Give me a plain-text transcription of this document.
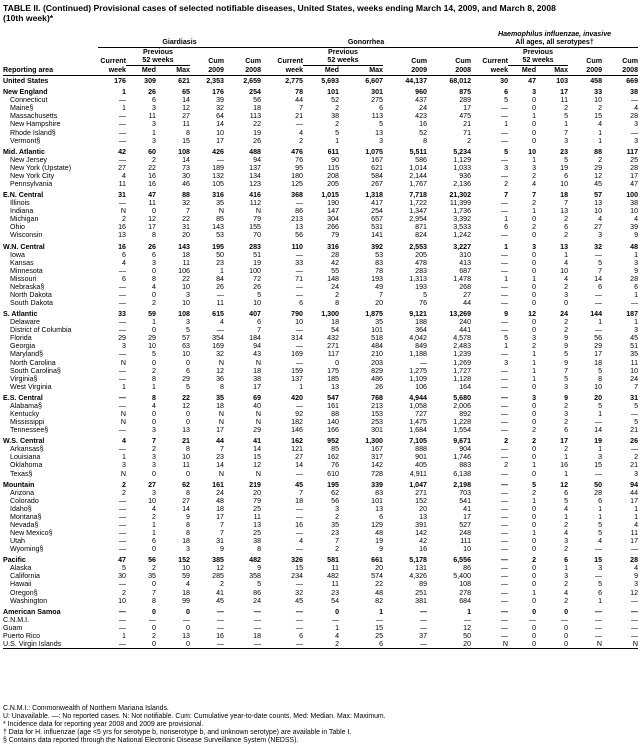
TABLE II. (Continued) Provisional cases of selected notifiable diseases, United States, weeks ending March 14, 2009, and March 8, 2008
(10th week)*
	Giardiasis					Gonorrhea					Haemophilus influenzae, invasive
All ages, all serotypes†				

		Previous					Previous					Previous			
	Current	52 weeks		Cum	Cum	Current	52 weeks		Cum	Cum	Current	52 weeks		Cum	Cum
Reporting area	week	Med	Max	2009	2008	week	Med	Max	2009	2008	week	Med	Max	2009	2008
United States	176	309	621	2,353	2,659	2,775	5,693	6,607	44,137	68,012	30	47	103	458	669
New England	1	26	65	176	254	78	101	301	960	875	6	3	17	33	38
Connecticut	—	6	14	39	56	44	52	275	437	289	5	0	11	10	—
Maine§	1	3	12	32	18	7	2	6	24	17	—	0	2	2	4
Massachusetts	—	11	27	64	113	21	38	113	423	475	—	1	5	15	28
New Hampshire	—	3	11	14	22	—	2	5	16	21	1	0	1	4	3
Rhode Island§	—	1	8	10	19	4	5	13	52	71	—	0	7	1	—
Vermont§	—	3	15	17	26	2	1	3	8	2	—	0	3	1	3
Mid. Atlantic	42	60	108	426	488	476	611	1,075	5,511	5,234	5	10	23	88	117
New Jersey	—	2	14	—	94	76	90	167	586	1,129	—	1	5	2	25
New York (Upstate)	27	22	73	189	137	95	115	621	1,014	1,033	3	3	19	29	28
New York City	4	16	30	132	134	180	208	584	2,144	936	—	2	6	12	17
Pennsylvania	11	16	46	105	123	125	205	267	1,767	2,136	2	4	10	45	47
E.N. Central	31	47	88	316	416	368	1,015	1,318	7,718	21,302	7	7	18	57	100
Illinois	—	11	32	35	112	—	190	417	1,722	11,399	—	2	7	13	38
Indiana	N	0	7	N	N	86	147	254	1,347	1,736	—	1	13	10	10
Michigan	2	12	22	85	79	213	304	657	2,954	3,392	1	0	2	4	4
Ohio	16	17	31	143	155	13	266	531	871	3,533	6	2	6	27	39
Wisconsin	13	8	20	53	70	56	79	141	824	1,242	—	0	2	3	9
W.N. Central	16	26	143	195	283	110	316	392	2,553	3,227	1	3	13	32	48
Iowa	6	6	18	50	51	—	28	53	205	310	—	0	1	—	1
Kansas	4	3	11	23	19	33	42	83	478	413	—	0	4	5	3
Minnesota	—	0	106	1	100	—	55	78	283	687	—	0	10	7	9
Missouri	6	8	22	84	72	71	148	193	1,313	1,478	1	1	4	14	28
Nebraska§	—	4	10	26	26	—	24	49	193	268	—	0	2	6	6
North Dakota	—	0	3	—	5	—	2	7	5	27	—	0	3	—	1
South Dakota	—	2	10	11	10	6	8	20	76	44	—	0	0	—	—
S. Atlantic	33	59	108	615	407	790	1,300	1,875	9,121	13,269	9	12	24	144	187
Delaware	—	1	3	4	6	10	18	35	188	240	—	0	2	1	1
District of Columbia	—	0	5	—	7	—	54	101	364	441	—	0	2	—	3
Florida	29	29	57	354	184	314	432	518	4,042	4,578	5	3	9	56	45
Georgia	3	10	63	169	94	—	271	484	849	2,483	1	2	9	29	51
Maryland§	—	5	10	32	43	169	117	210	1,188	1,239	—	1	5	17	35
North Carolina	N	0	0	N	N	—	0	203	—	1,269	3	1	9	18	11
South Carolina§	—	2	6	12	18	159	175	829	1,275	1,727	—	1	7	5	10
Virginia§	—	8	29	36	38	137	185	486	1,109	1,128	—	1	5	8	24
West Virginia	1	1	5	8	17	1	13	26	106	164	—	0	3	10	7
E.S. Central	—	8	22	35	69	420	547	768	4,944	5,680	—	3	9	20	31
Alabama§	—	4	12	18	40	—	161	213	1,058	2,006	—	0	2	5	5
Kentucky	N	0	0	N	N	92	88	153	727	892	—	0	3	1	—
Mississippi	N	0	0	N	N	182	140	253	1,475	1,228	—	0	2	—	5
Tennessee§	—	3	13	17	29	146	166	301	1,684	1,554	—	2	6	14	21
W.S. Central	4	7	21	44	41	162	952	1,300	7,105	9,671	2	2	17	19	26
Arkansas§	—	2	8	7	14	121	85	167	888	904	—	0	2	1	—
Louisiana	1	3	10	23	15	27	162	317	901	1,746	—	0	1	3	2
Oklahoma	3	3	11	14	12	14	76	142	405	883	2	1	16	15	21
Texas§	N	0	0	N	N	—	610	728	4,911	6,138	—	0	1	—	3
Mountain	2	27	62	161	219	45	195	339	1,047	2,198	—	5	12	50	94
Arizona	2	3	8	24	20	7	62	83	271	703	—	2	6	28	44
Colorado	—	10	27	48	79	18	56	101	152	541	—	1	5	6	17
Idaho§	—	4	14	18	25	—	3	13	20	41	—	0	4	1	1
Montana§	—	2	9	17	11	—	2	6	13	17	—	0	1	1	1
Nevada§	—	1	8	7	13	16	35	129	391	527	—	0	2	5	4
New Mexico§	—	1	8	7	25	—	23	48	142	248	—	1	4	5	11
Utah	—	6	18	31	38	4	7	19	42	111	—	0	3	4	17
Wyoming§	—	0	3	9	8	—	2	9	16	10	—	0	2	—	—
Pacific	47	56	152	385	482	326	581	661	5,178	6,556	—	2	6	15	28
Alaska	5	2	10	12	9	15	11	20	131	86	—	0	1	3	4
California	30	35	59	285	358	234	482	574	4,326	5,400	—	0	3	—	9
Hawaii	—	0	4	2	5	—	11	22	89	108	—	0	2	5	3
Oregon§	2	7	18	41	86	32	23	48	251	278	—	1	4	6	12
Washington	10	8	99	45	24	45	54	82	381	684	—	0	2	1	—
American Samoa	—	0	0	—	—	—	0	1	—	1	—	0	0	—	—
C.N.M.I.	—	—	—	—	—	—	—	—	—	—	—	—	—	—	—
Guam	—	0	0	—	—	—	1	15	—	12	—	0	0	—	—
Puerto Rico	1	2	13	16	18	6	4	25	37	50	—	0	0	—	—
U.S. Virgin Islands	—	0	0	—	—	—	2	6	—	20	N	0	0	N	N
C.N.M.I.: Commonwealth of Northern Mariana Islands.
U: Unavailable. —: No reported cases. N: Not notifiable. Cum: Cumulative year-to-date counts. Med: Median. Max: Maximum.
* Incidence data for reporting year 2008 and 2009 are provisional.
† Data for H. influenzae (age <5 yrs for serotype b, nonserotype b, and unknown serotype) are available in Table I.
§ Contains data reported through the National Electronic Disease Surveillance System (NEDSS).
